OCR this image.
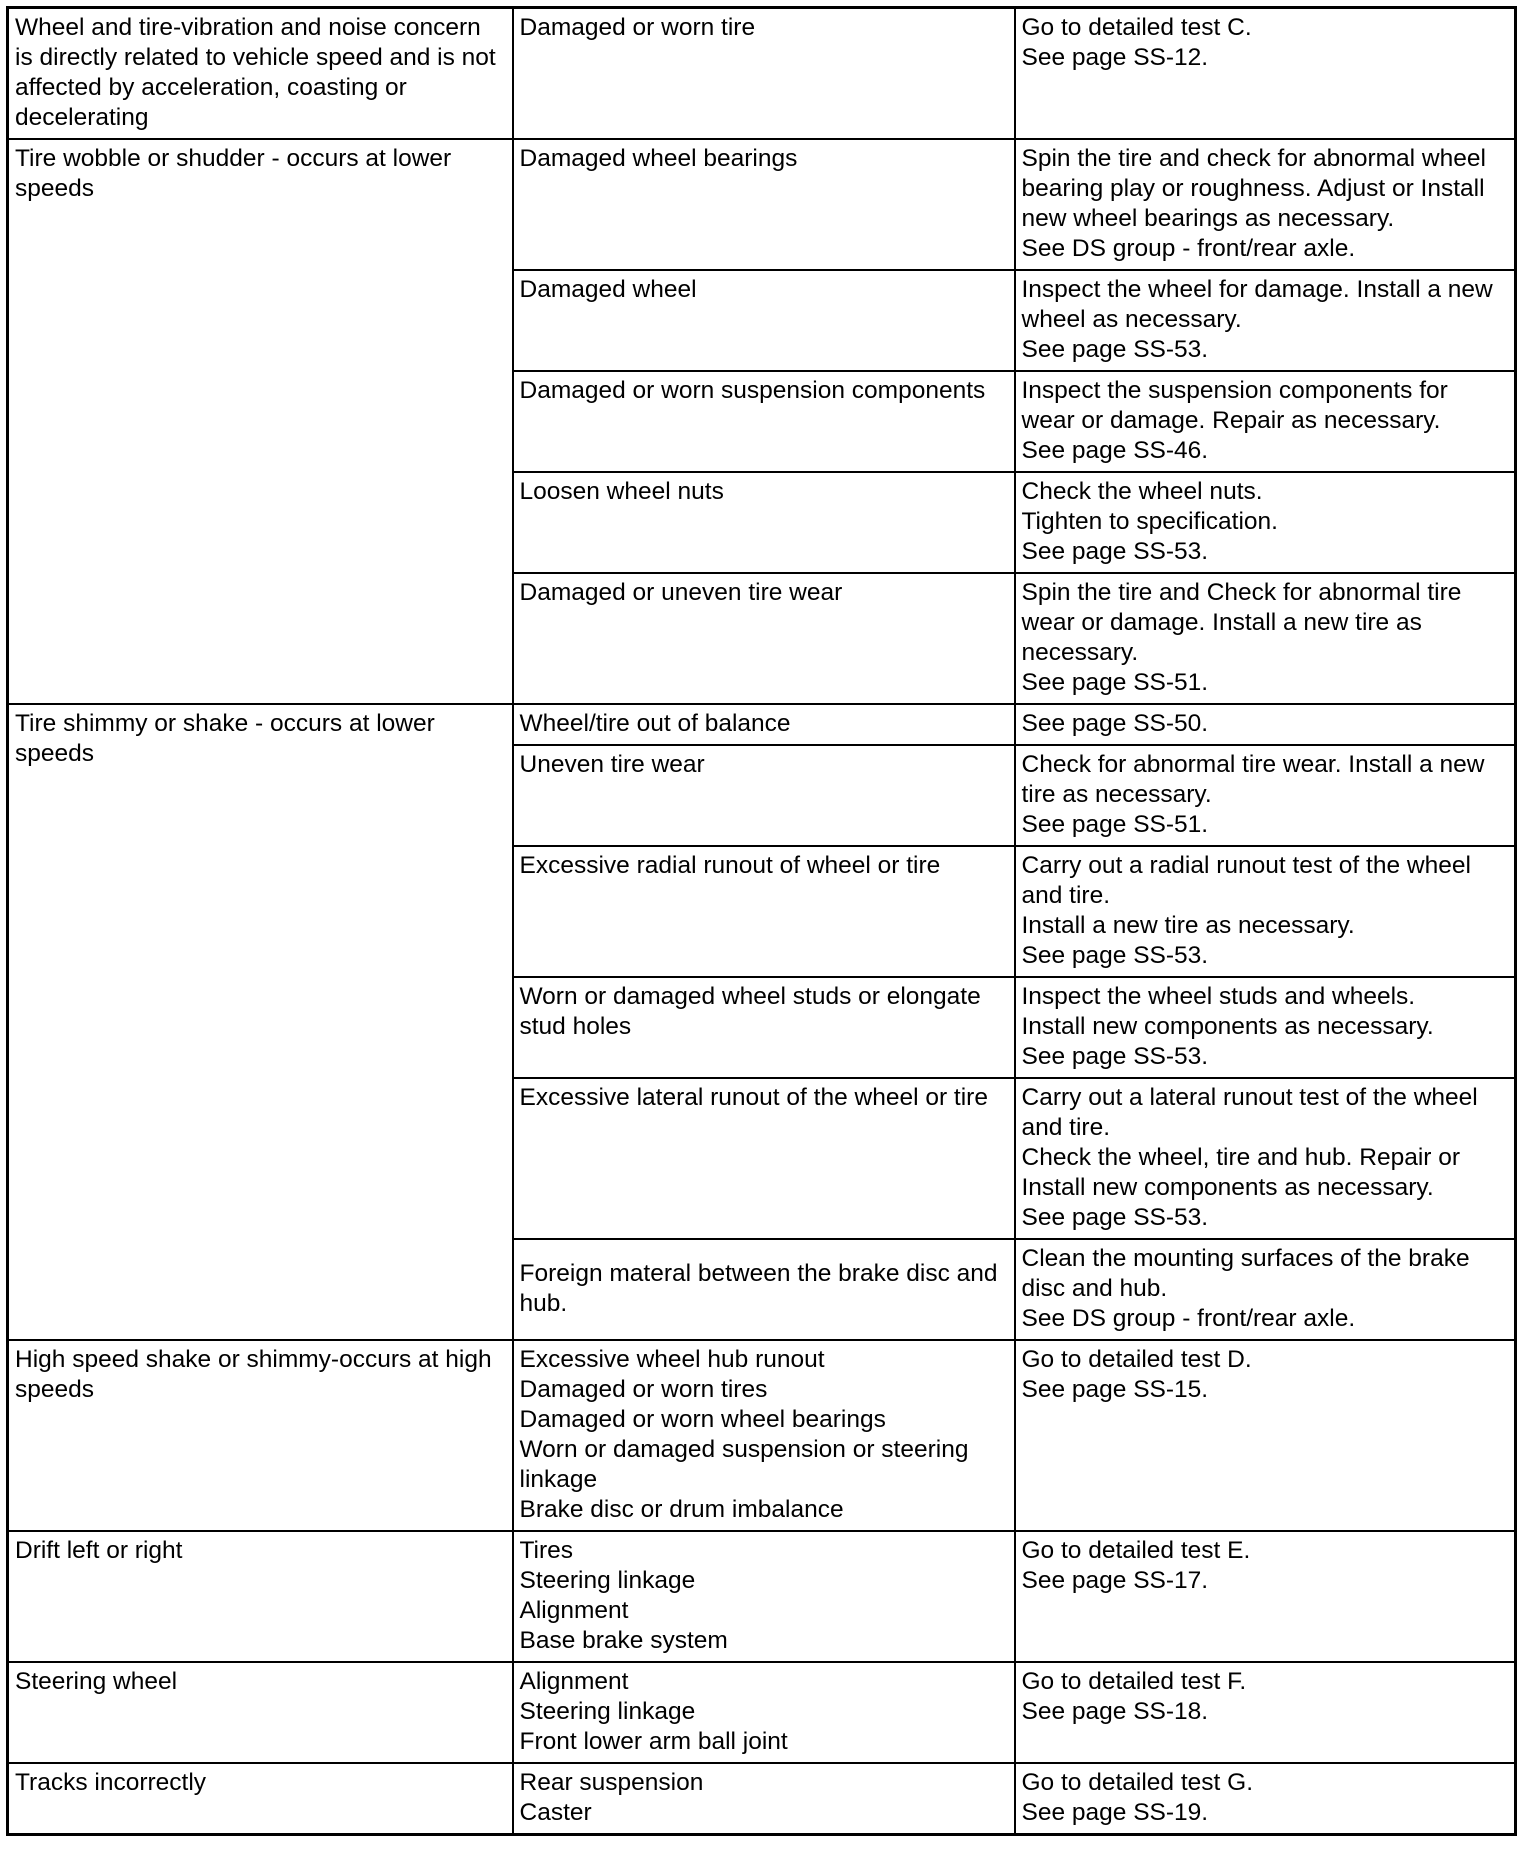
Wheel and tire-vibration and noise concern is directly related to vehicle speed and is not affected by acceleration, coasting or decelerating	Damaged or worn tire	Go to detailed test C.
See page SS-12.
Tire wobble or shudder - occurs at lower speeds	Damaged wheel bearings	Spin the tire and check for abnormal wheel bearing play or roughness. Adjust or Install new wheel bearings as necessary.
See DS group - front/rear axle.
	Damaged wheel	Inspect the wheel for damage. Install a new wheel as necessary.
See page SS-53.
	Damaged or worn suspension components	Inspect the suspension components for wear or damage. Repair as necessary.
See page SS-46.
	Loosen wheel nuts	Check the wheel nuts.
Tighten to specification.
See page SS-53.
	Damaged or uneven tire wear	Spin the tire and Check for abnormal tire wear or damage. Install a new tire as necessary.
See page SS-51.
Tire shimmy or shake - occurs at lower speeds	Wheel/tire out of balance	See page SS-50.
	Uneven tire wear	Check for abnormal tire wear. Install a new tire as necessary.
See page SS-51.
	Excessive radial runout of wheel or tire	Carry out a radial runout test of the wheel and tire.
Install a new tire as necessary.
See page SS-53.
	Worn or damaged wheel studs or elongate stud holes	Inspect the wheel studs and wheels.
Install new components as necessary.
See page SS-53.
	Excessive lateral runout of the wheel or tire	Carry out a lateral runout test of the wheel and tire.
Check the wheel, tire and hub. Repair or Install new components as necessary.
See page SS-53.
	Foreign materal between the brake disc and hub.	Clean the mounting surfaces of the brake disc and hub.
See DS group - front/rear axle.
High speed shake or shimmy-occurs at high speeds	Excessive wheel hub runout
Damaged or worn tires
Damaged or worn wheel bearings
Worn or damaged suspension or steering linkage
Brake disc or drum imbalance	Go to detailed test D.
See page SS-15.
Drift left or right	Tires
Steering linkage
Alignment
Base brake system	Go to detailed test E.
See page SS-17.
Steering wheel	Alignment
Steering linkage
Front lower arm ball joint	Go to detailed test F.
See page SS-18.
Tracks incorrectly	Rear suspension
Caster	Go to detailed test G.
See page SS-19.
